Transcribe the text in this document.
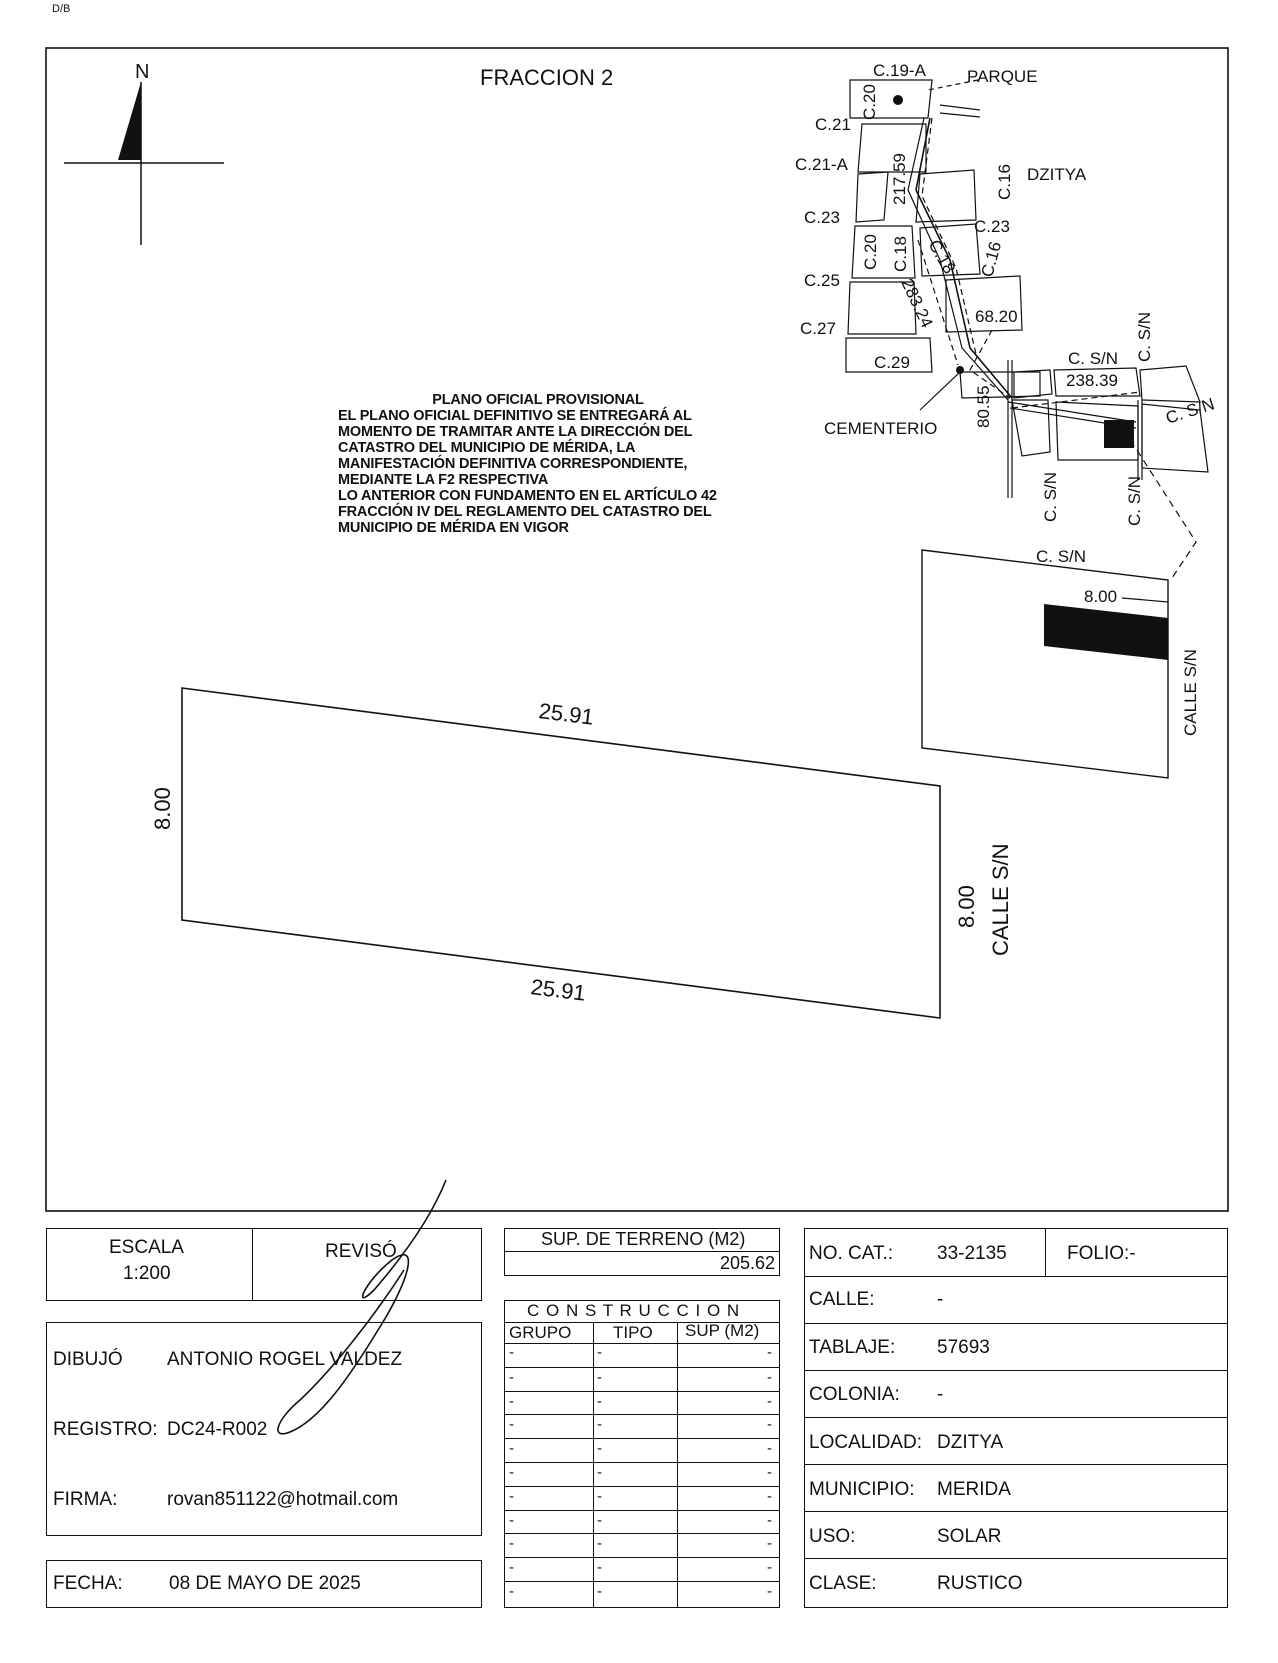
D/B
FRACCION 2
N	C.19-A PARQUE
C.20
C.21
C.21-A 217.59	C.16 DZITYA
C.23
C.20 C.18 C.18 C.16
C.23
C.25	283.24 68.20
C.27
C. S/N C. S/N
C.29
238.39
C. S/N
CEMENTERIO
80.55
C. S/N	C. S/N
C. S/N
8.00
CALLE S/N
25.91
25.91
8.00
8.00 CALLE S/N
PLANO OFICIAL PROVISIONAL
EL PLANO OFICIAL DEFINITIVO SE ENTREGARÁ AL
MOMENTO DE TRAMITAR ANTE LA DIRECCIÓN DEL
CATASTRO DEL MUNICIPIO DE MÉRIDA, LA
MANIFESTACIÓN DEFINITIVA CORRESPONDIENTE,
MEDIANTE LA F2 RESPECTIVA
LO ANTERIOR CON FUNDAMENTO EN EL ARTÍCULO 42
FRACCIÓN IV DEL REGLAMENTO DEL CATASTRO DEL
MUNICIPIO DE MÉRIDA EN VIGOR
ESCALA
1:200
REVISÓ
DIBUJÓ ANTONIO ROGEL VALDEZ
REGISTRO: DC24-R002
FIRMA:	rovan851122@hotmail.com
FECHA: 08 DE MAYO DE 2025
SUP. DE TERRENO (M2)
205.62
C O N S T R U C C I O N
GRUPO TIPO SUP (M2)
-	-	-
-	-	-
-	-	-
-	-	-
-	-	-
-	-	-
-	-	-
-	-	-
-	-	-
-	-	-
-	-	-
NO. CAT.: 33-2135	FOLIO:-
CALLE:	-
TABLAJE: 57693
COLONIA: -
LOCALIDAD: DZITYA
MUNICIPIO: MERIDA
USO:	SOLAR
CLASE:	RUSTICO
